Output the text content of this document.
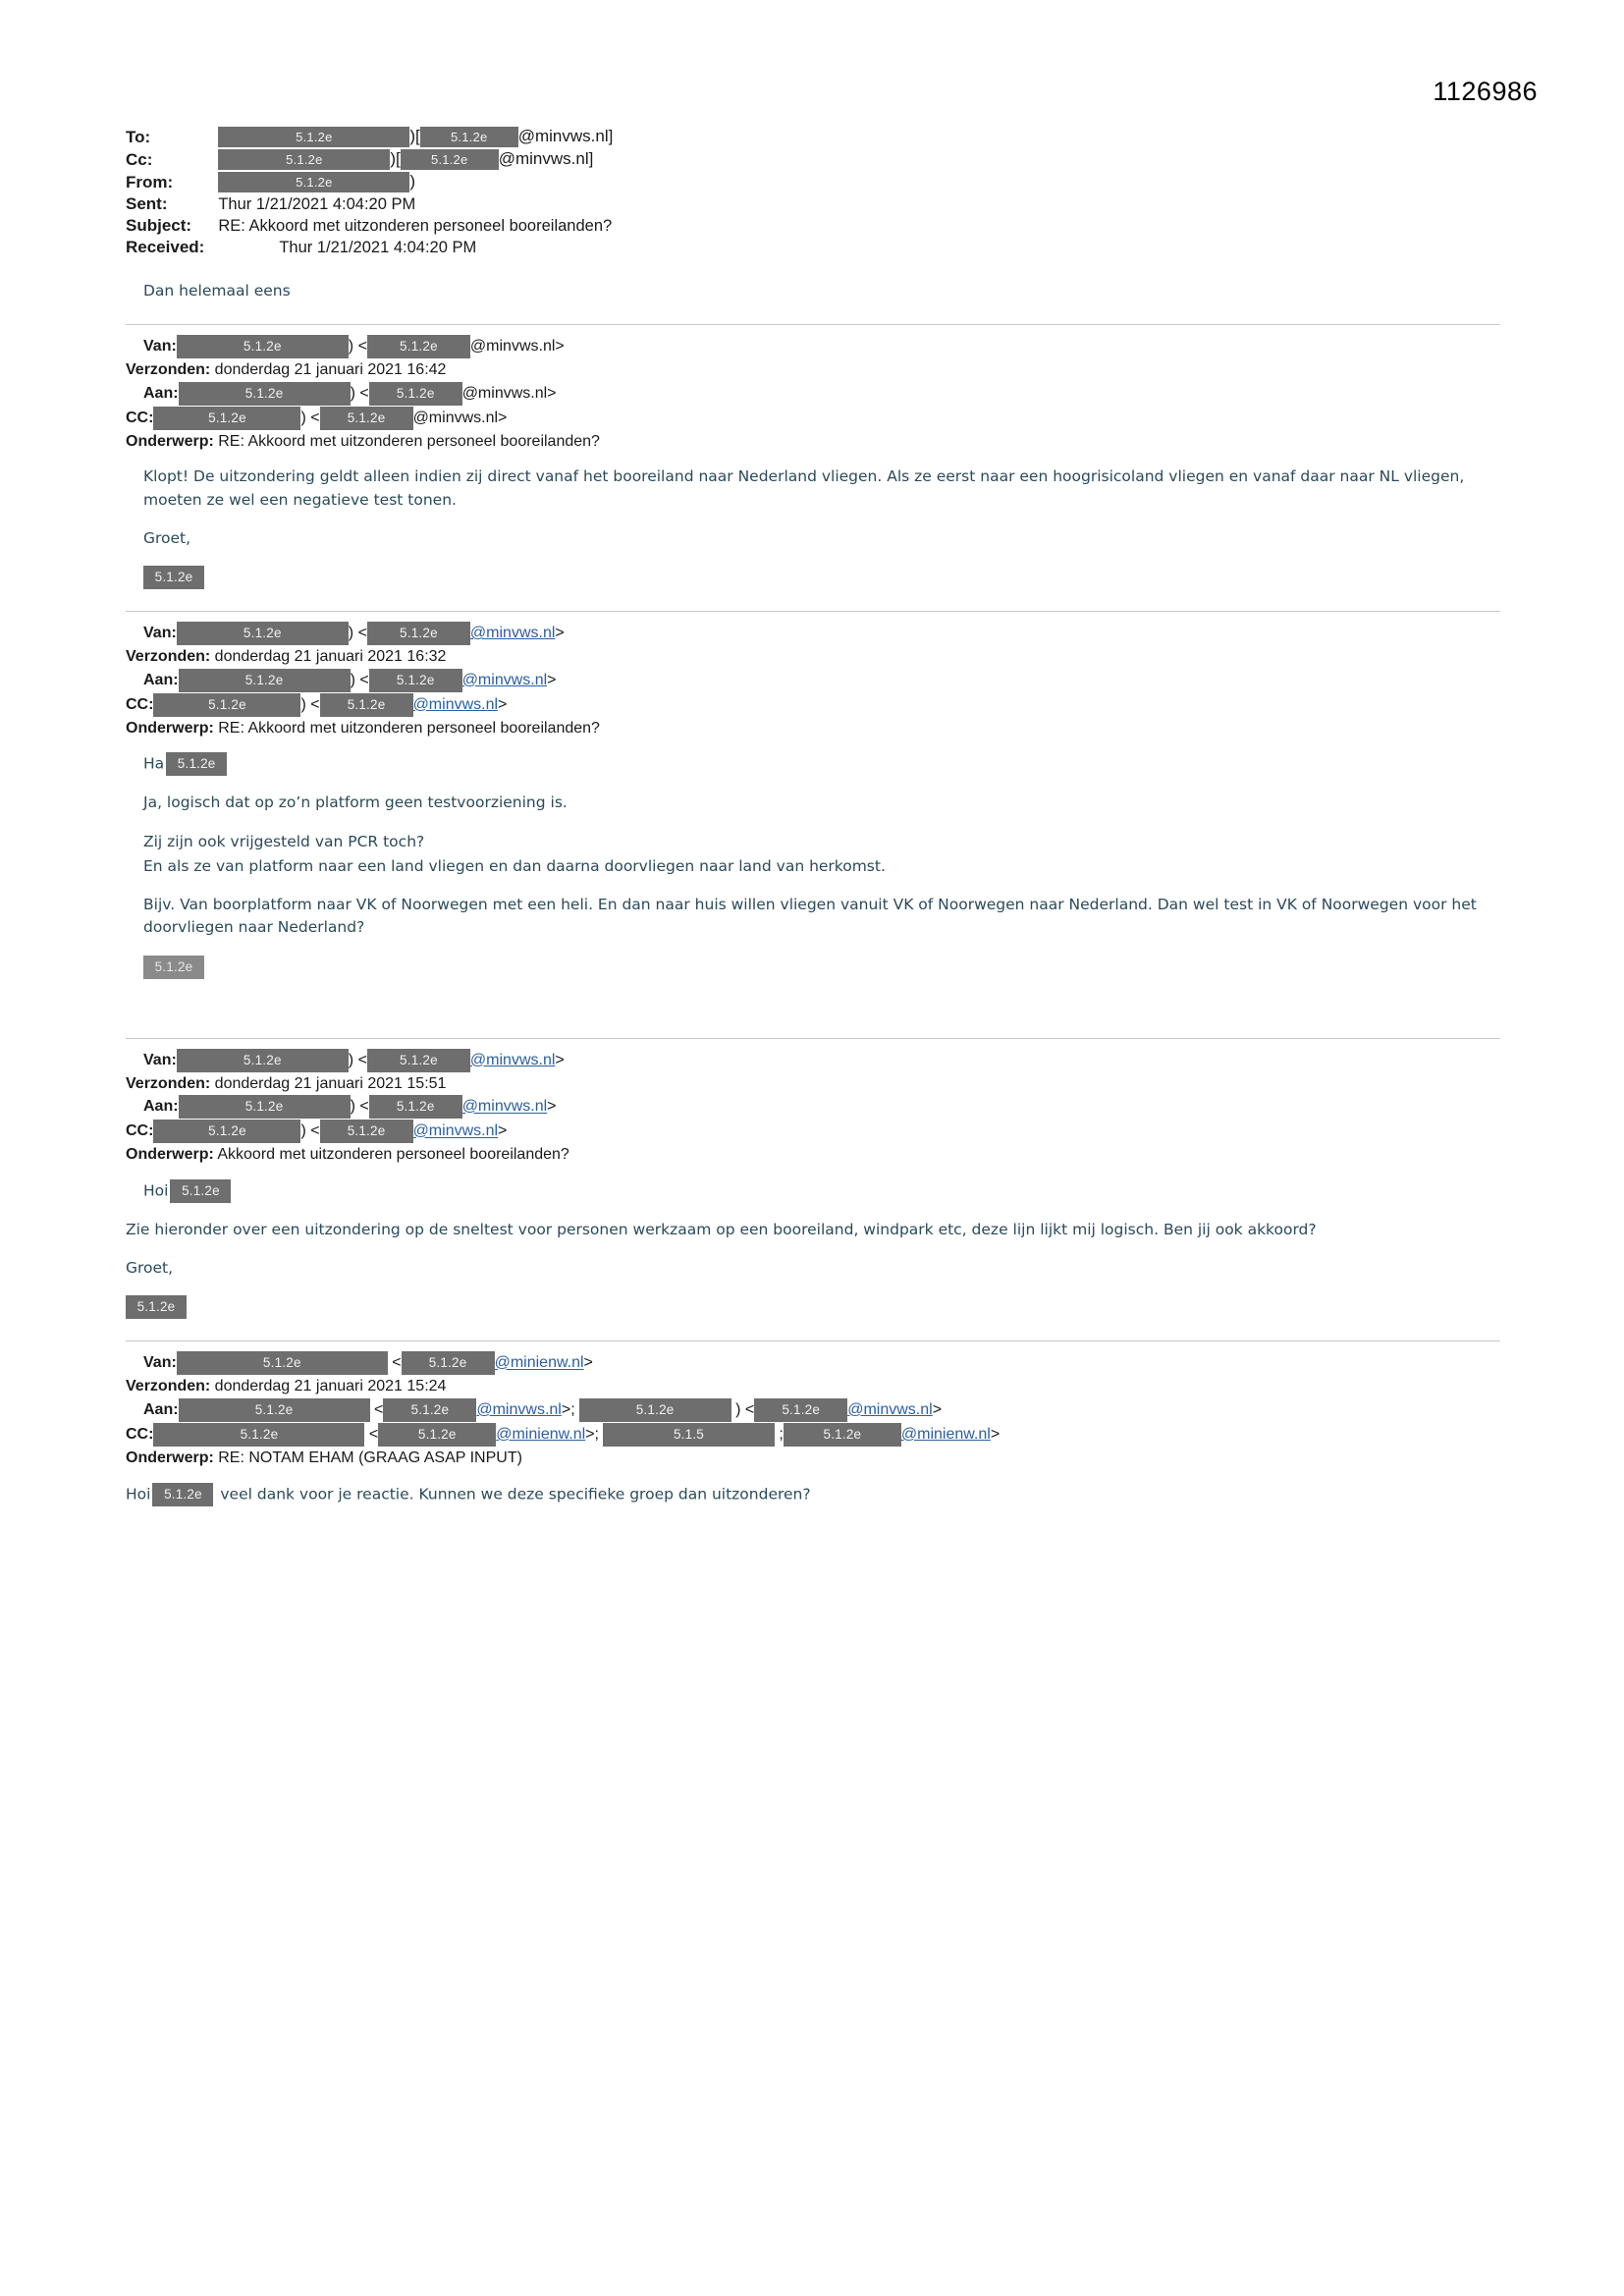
1126986
To:	5.1.2e )[ 5.1.2e @minvws.nl]
Cc:	5.1.2e )[ 5.1.2e @minvws.nl]
From:	5.1.2e )
Sent:	Thur 1/21/2021 4:04:20 PM
Subject:	RE: Akkoord met uitzonderen personeel booreilanden?
Received:	Thur 1/21/2021 4:04:20 PM
Dan helemaal eens
Van:	5.1.2e	) < 5.1.2e @minvws.nl>
Verzonden: donderdag 21 januari 2021 16:42
Aan:	5.1.2e	) < 5.1.2e @minvws.nl>
CC:	5.1.2e	) < 5.1.2e @minvws.nl>
Onderwerp: RE: Akkoord met uitzonderen personeel booreilanden?

Klopt! De uitzondering geldt alleen indien zij direct vanaf het booreiland naar Nederland vliegen. Als ze eerst naar een hoogrisicoland vliegen en vanaf daar naar NL vliegen, moeten ze wel een negatieve test tonen.

Groet,

5.1.2e
Van:	5.1.2e	) < 5.1.2e @minvws.nl>
Verzonden: donderdag 21 januari 2021 16:32
Aan:	5.1.2e	) < 5.1.2e @minvws.nl>
CC:	5.1.2e	) < 5.1.2e @minvws.nl>
Onderwerp: RE: Akkoord met uitzonderen personeel booreilanden?

Ha 5.1.2e

Ja, logisch dat op zo’n platform geen testvoorziening is.

Zij zijn ook vrijgesteld van PCR toch?

En als ze van platform naar een land vliegen en dan daarna doorvliegen naar land van herkomst.

Bijv. Van boorplatform naar VK of Noorwegen met een heli. En dan naar huis willen vliegen vanuit VK of Noorwegen naar Nederland. Dan wel test in VK of Noorwegen voor het doorvliegen naar Nederland?

5.1.2e
Van:	5.1.2e	) < 5.1.2e @minvws.nl>
Verzonden: donderdag 21 januari 2021 15:51
Aan:	5.1.2e	) < 5.1.2e @minvws.nl>
CC:	5.1.2e	) < 5.1.2e @minvws.nl>
Onderwerp: Akkoord met uitzonderen personeel booreilanden?

Hoi 5.1.2e

Zie hieronder over een uitzondering op de sneltest voor personen werkzaam op een booreiland, windpark etc, deze lijn lijkt mij logisch. Ben jij ook akkoord?

Groet,

5.1.2e
Van:	5.1.2e	< 5.1.2e @minienw.nl>
Verzonden: donderdag 21 januari 2021 15:24
Aan:	5.1.2e	< 5.1.2e @minvws.nl>;	5.1.2e	) < 5.1.2e @minvws.nl>
CC:	5.1.2e	<	5.1.2e	@minienw.nl>;	5.1.5	;	5.1.2e	@minienw.nl>
Onderwerp: RE: NOTAM EHAM (GRAAG ASAP INPUT)

Hoi 5.1.2e veel dank voor je reactie. Kunnen we deze specifieke groep dan uitzonderen?
